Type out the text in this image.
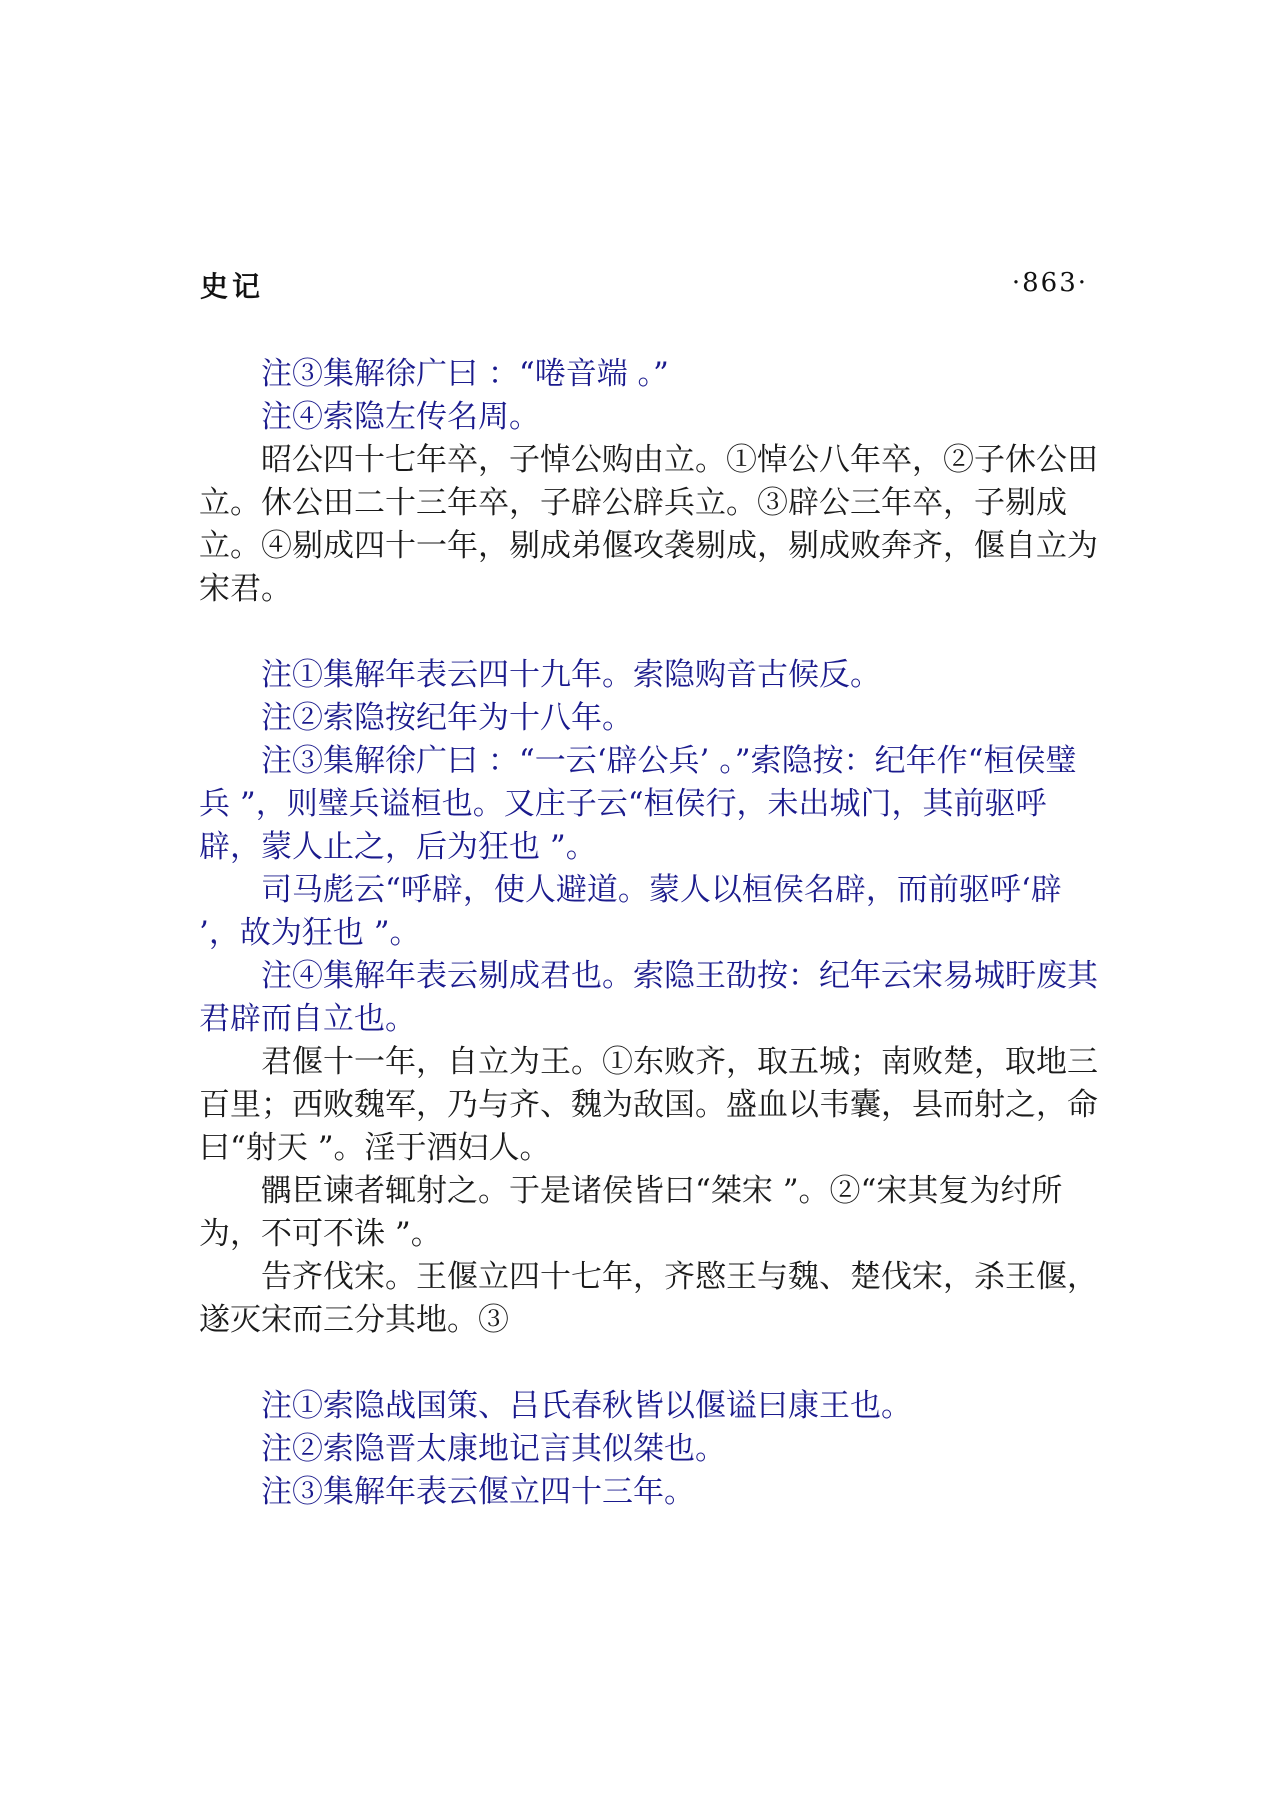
史记	·863·

注③集解徐广曰 ：“啳音端 。”

注④索隐左传名周。

昭公四十七年卒，子悼公购由立。①悼公八年卒，②子休公田立。休公田二十三年卒，子辟公辟兵立。③辟公三年卒，子剔成立。④剔成四十一年，剔成弟偃攻袭剔成，剔成败奔齐，偃自立为宋君。

注①集解年表云四十九年。索隐购音古候反。

注②索隐按纪年为十八年。

注③集解徐广曰 ：“一云‘辟公兵’ 。”索隐按：纪年作“桓侯璧兵 ”，则璧兵谥桓也。又庄子云“桓侯行，未出城门，其前驱呼辟，蒙人止之，后为狂也 ”。

司马彪云“呼辟，使人避道。蒙人以桓侯名辟，而前驱呼‘辟 ’，故为狂也 ”。

注④集解年表云剔成君也。索隐王劭按：纪年云宋易城盱废其君辟而自立也。

君偃十一年，自立为王。①东败齐，取五城；南败楚，取地三百里；西败魏军，乃与齐、魏为敌国。盛血以韦囊，县而射之，命曰“射天 ”。淫于酒妇人。

髃臣谏者辄射之。于是诸侯皆曰“桀宋 ”。②“宋其复为纣所为，不可不诛 ”。

告齐伐宋。王偃立四十七年，齐愍王与魏、楚伐宋，杀王偃，遂灭宋而三分其地。③

注①索隐战国策、吕氏春秋皆以偃谥曰康王也。

注②索隐晋太康地记言其似桀也。

注③集解年表云偃立四十三年。
